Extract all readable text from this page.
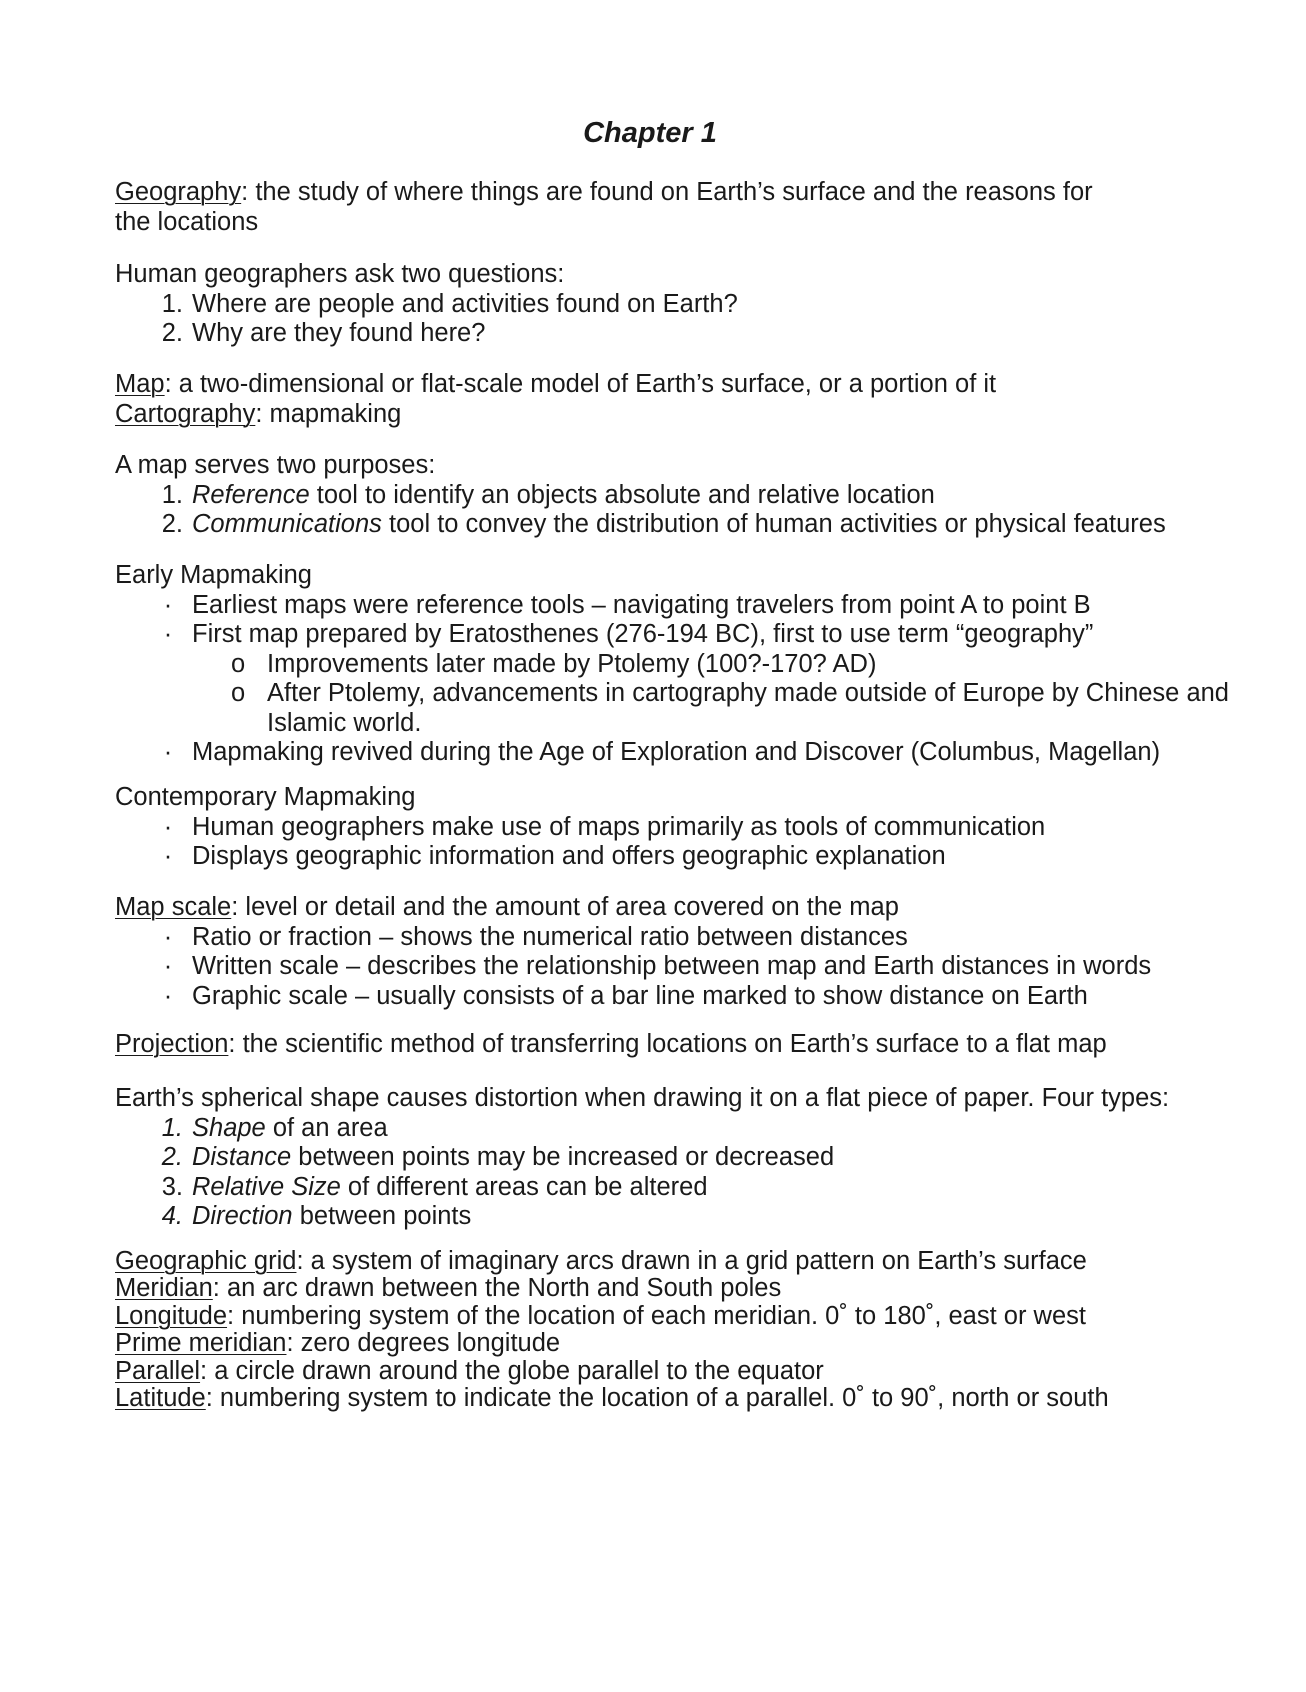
Chapter 1

Geography: the study of where things are found on Earth’s surface and the reasons for the locations

Human geographers ask two questions:

1. Where are people and activities found on Earth?
2. Why are they found here?

Map: a two-dimensional or flat-scale model of Earth’s surface, or a portion of it

Cartography: mapmaking

A map serves two purposes:

1. Reference tool to identify an objects absolute and relative location
2. Communications tool to convey the distribution of human activities or physical features

Early Mapmaking

· Earliest maps were reference tools – navigating travelers from point A to point B
· First map prepared by Eratosthenes (276-194 BC), first to use term “geography”
o Improvements later made by Ptolemy (100?-170? AD)
o After Ptolemy, advancements in cartography made outside of Europe by Chinese and Islamic world.
· Mapmaking revived during the Age of Exploration and Discover (Columbus, Magellan)

Contemporary Mapmaking

· Human geographers make use of maps primarily as tools of communication
· Displays geographic information and offers geographic explanation

Map scale: level or detail and the amount of area covered on the map

· Ratio or fraction – shows the numerical ratio between distances
· Written scale – describes the relationship between map and Earth distances in words
· Graphic scale – usually consists of a bar line marked to show distance on Earth

Projection: the scientific method of transferring locations on Earth’s surface to a flat map

Earth’s spherical shape causes distortion when drawing it on a flat piece of paper. Four types:

1. Shape of an area
2. Distance between points may be increased or decreased
3. Relative Size of different areas can be altered
4. Direction between points

Geographic grid: a system of imaginary arcs drawn in a grid pattern on Earth’s surface

Meridian: an arc drawn between the North and South poles

Longitude: numbering system of the location of each meridian. 0˚ to 180˚, east or west

Prime meridian: zero degrees longitude

Parallel: a circle drawn around the globe parallel to the equator

Latitude: numbering system to indicate the location of a parallel. 0˚ to 90˚, north or south
